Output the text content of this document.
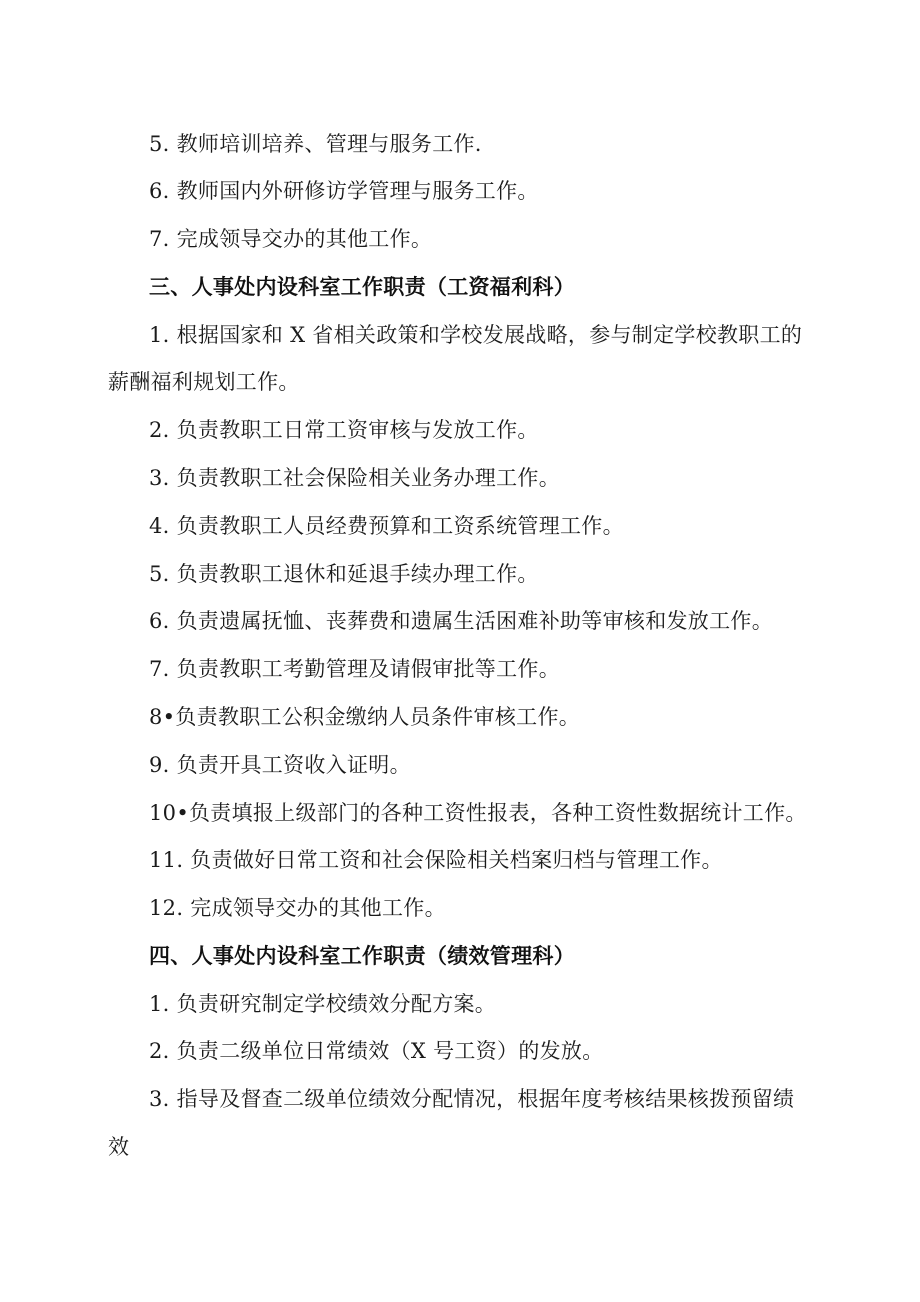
5. 教师培训培养、管理与服务工作.
6. 教师国内外研修访学管理与服务工作。
7. 完成领导交办的其他工作。
三、人事处内设科室工作职责（工资福利科）
1. 根据国家和 X 省相关政策和学校发展战略，参与制定学校教职工的
薪酬福利规划工作。
2. 负责教职工日常工资审核与发放工作。
3. 负责教职工社会保险相关业务办理工作。
4. 负责教职工人员经费预算和工资系统管理工作。
5. 负责教职工退休和延退手续办理工作。
6. 负责遗属抚恤、丧葬费和遗属生活困难补助等审核和发放工作。
7. 负责教职工考勤管理及请假审批等工作。
8•负责教职工公积金缴纳人员条件审核工作。
9. 负责开具工资收入证明。
10•负责填报上级部门的各种工资性报表，各种工资性数据统计工作。
11. 负责做好日常工资和社会保险相关档案归档与管理工作。
12. 完成领导交办的其他工作。
四、人事处内设科室工作职责（绩效管理科）
1. 负责研究制定学校绩效分配方案。
2. 负责二级单位日常绩效（X 号工资）的发放。
3. 指导及督查二级单位绩效分配情况，根据年度考核结果核拨预留绩
效
